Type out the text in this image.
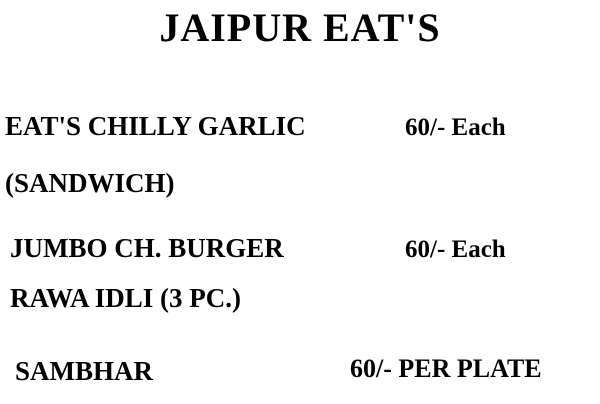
JAIPUR EAT'S
EAT'S CHILLY GARLIC	60/- Each
(SANDWICH)
JUMBO CH. BURGER	60/- Each
RAWA IDLI (3 PC.)
SAMBHAR	60/- PER PLATE
